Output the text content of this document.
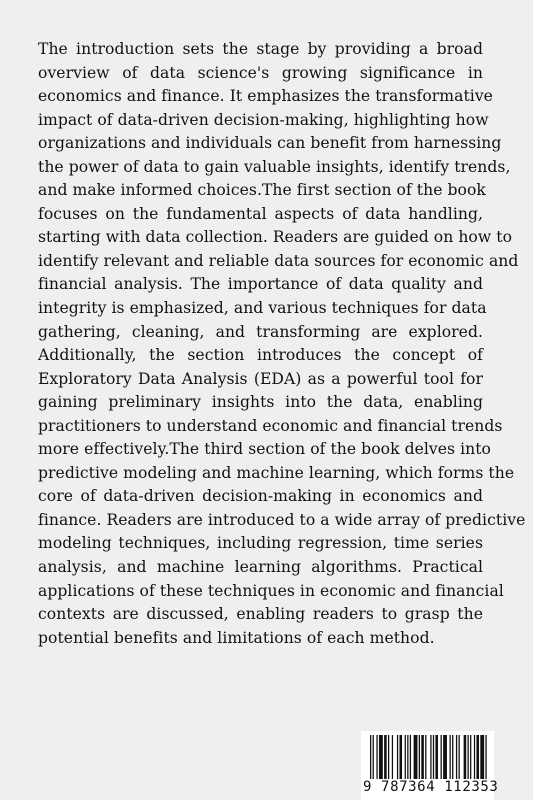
The introduction sets the stage by providing a broad
overview of data science's growing significance in
economics and finance. It emphasizes the transformative
impact of data-driven decision-making, highlighting how
organizations and individuals can benefit from harnessing
the power of data to gain valuable insights, identify trends,
and make informed choices.The first section of the book
focuses on the fundamental aspects of data handling,
starting with data collection. Readers are guided on how to
identify relevant and reliable data sources for economic and
financial analysis. The importance of data quality and
integrity is emphasized, and various techniques for data
gathering, cleaning, and transforming are explored.
Additionally, the section introduces the concept of
Exploratory Data Analysis (EDA) as a powerful tool for
gaining preliminary insights into the data, enabling
practitioners to understand economic and financial trends
more effectively.The third section of the book delves into
predictive modeling and machine learning, which forms the
core of data-driven decision-making in economics and
finance. Readers are introduced to a wide array of predictive
modeling techniques, including regression, time series
analysis, and machine learning algorithms. Practical
applications of these techniques in economic and financial
contexts are discussed, enabling readers to grasp the
potential benefits and limitations of each method.
9 787364 112353
